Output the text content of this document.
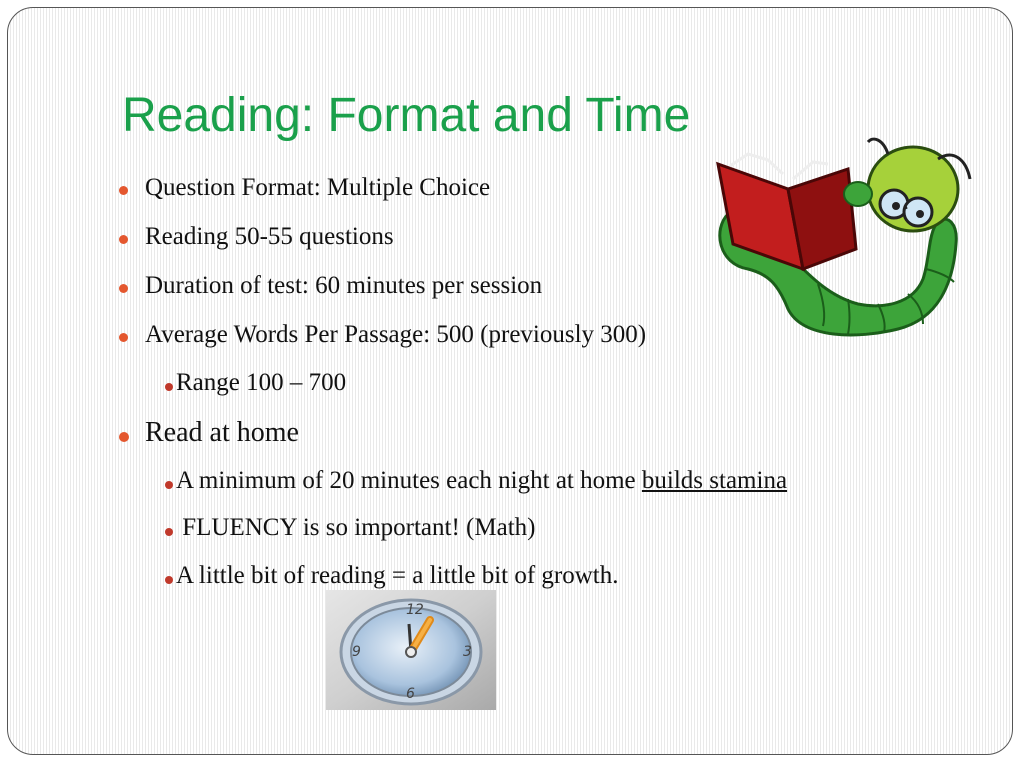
Reading: Format and Time
Question Format: Multiple Choice
Reading 50-55 questions
Duration of test: 60 minutes per session
Average Words Per Passage: 500 (previously 300)
Range 100 – 700
Read at home
A minimum of 20 minutes each night at home builds stamina
FLUENCY is so important! (Math)
A little bit of reading = a little bit of growth.
12
3
6
9
